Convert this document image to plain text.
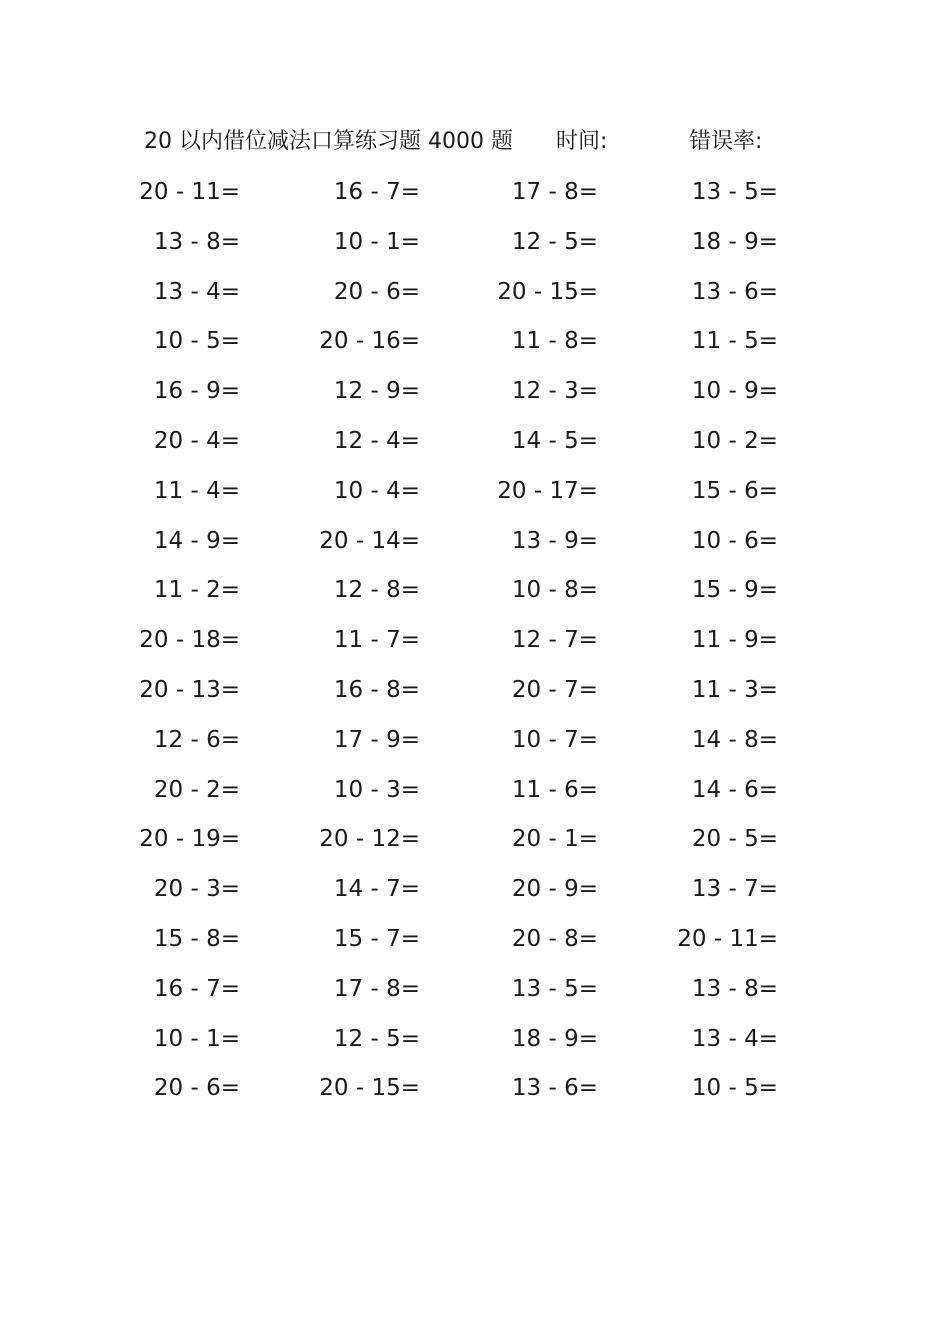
20 以内借位减法口算练习题 4000 题 时间:	错误率:
20 - 11=	16 - 7=	17 - 8=	13 - 5=
13 - 8=	10 - 1=	12 - 5=	18 - 9=
13 - 4=	20 - 6=	20 - 15=	13 - 6=
10 - 5=	20 - 16=	11 - 8=	11 - 5=
16 - 9=	12 - 9=	12 - 3=	10 - 9=
20 - 4=	12 - 4=	14 - 5=	10 - 2=
11 - 4=	10 - 4=	20 - 17=	15 - 6=
14 - 9=	20 - 14=	13 - 9=	10 - 6=
11 - 2=	12 - 8=	10 - 8=	15 - 9=
20 - 18=	11 - 7=	12 - 7=	11 - 9=
20 - 13=	16 - 8=	20 - 7=	11 - 3=
12 - 6=	17 - 9=	10 - 7=	14 - 8=
20 - 2=	10 - 3=	11 - 6=	14 - 6=
20 - 19=	20 - 12=	20 - 1=	20 - 5=
20 - 3=	14 - 7=	20 - 9=	13 - 7=
15 - 8=	15 - 7=	20 - 8=	20 - 11=
16 - 7=	17 - 8=	13 - 5=	13 - 8=
10 - 1=	12 - 5=	18 - 9=	13 - 4=
20 - 6=	20 - 15=	13 - 6=	10 - 5=
